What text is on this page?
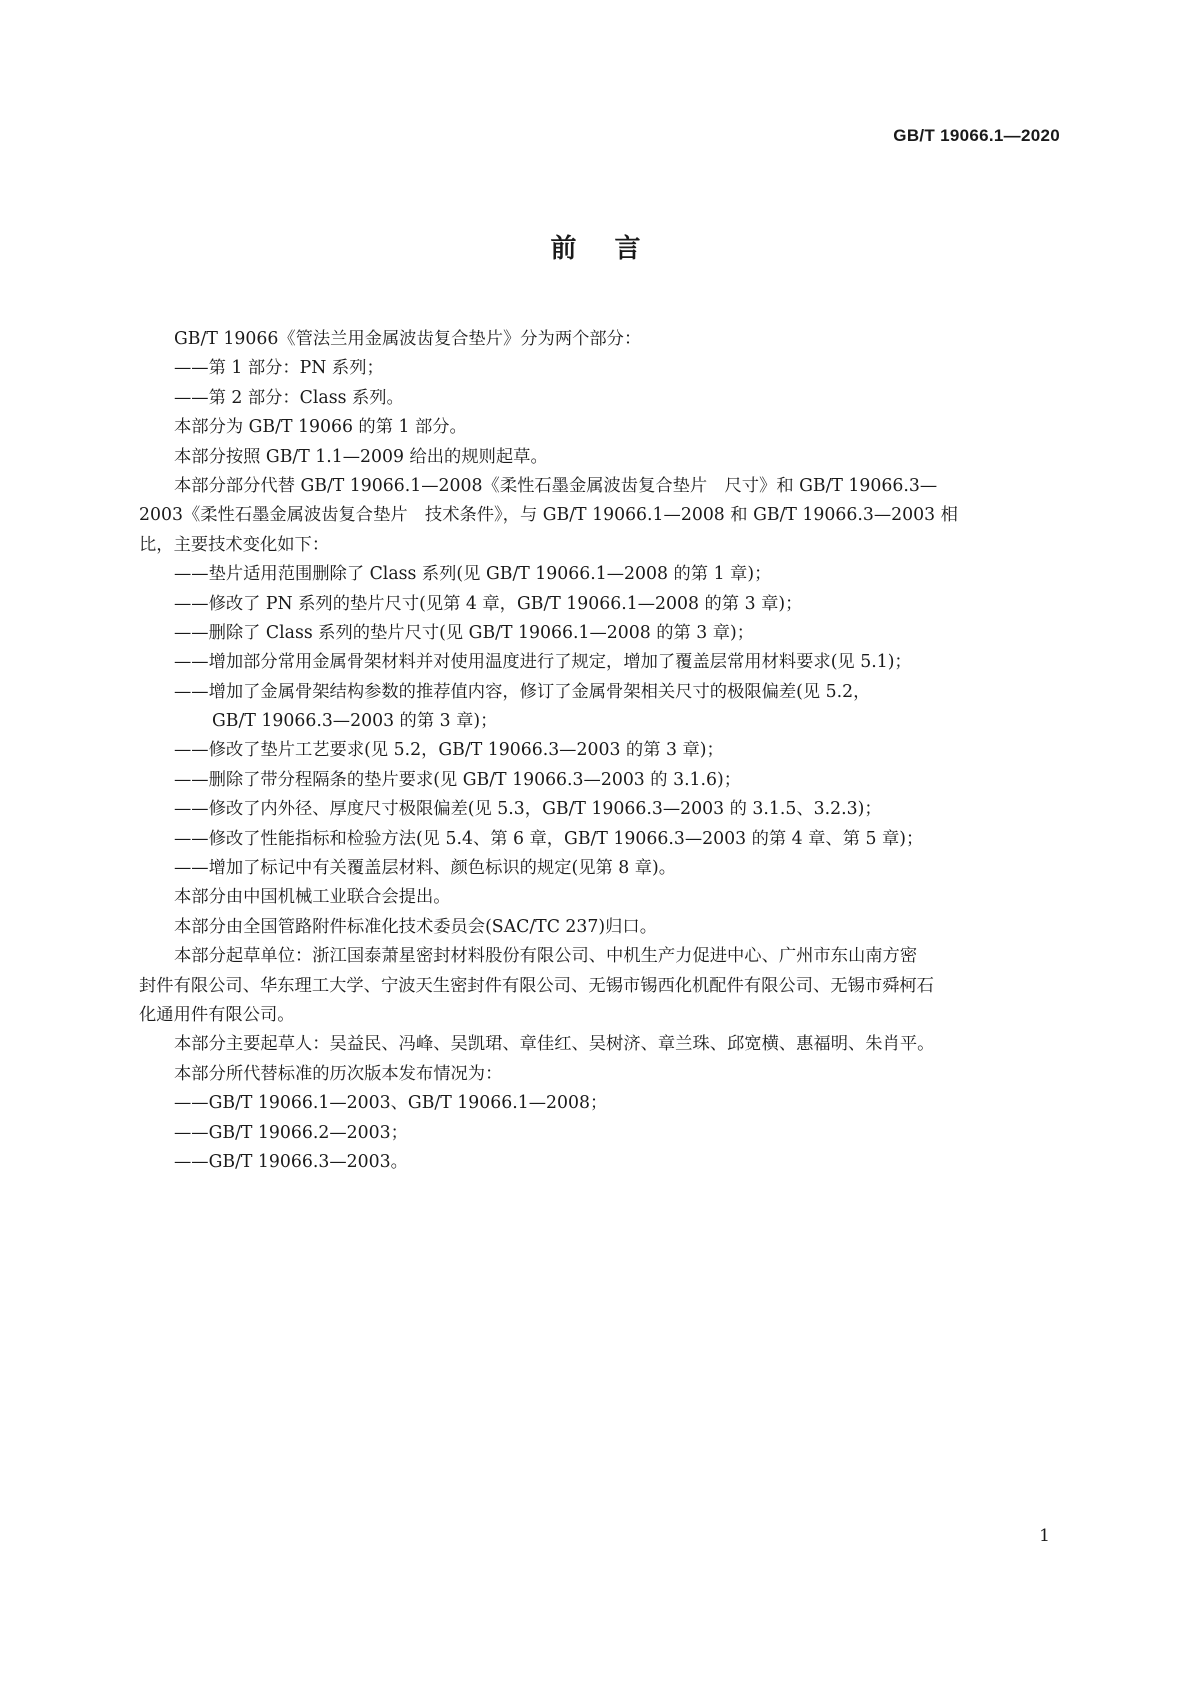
GB/T 19066.1—2020
前言
GB/T 19066《管法兰用金属波齿复合垫片》分为两个部分：
——第 1 部分：PN 系列；
——第 2 部分：Class 系列。
本部分为 GB/T 19066 的第 1 部分。
本部分按照 GB/T 1.1—2009 给出的规则起草。
本部分部分代替 GB/T 19066.1—2008《柔性石墨金属波齿复合垫片　尺寸》和 GB/T 19066.3—
2003《柔性石墨金属波齿复合垫片　技术条件》，与 GB/T 19066.1—2008 和 GB/T 19066.3—2003 相
比，主要技术变化如下：
——垫片适用范围删除了 Class 系列(见 GB/T 19066.1—2008 的第 1 章)；
——修改了 PN 系列的垫片尺寸(见第 4 章，GB/T 19066.1—2008 的第 3 章)；
——删除了 Class 系列的垫片尺寸(见 GB/T 19066.1—2008 的第 3 章)；
——增加部分常用金属骨架材料并对使用温度进行了规定，增加了覆盖层常用材料要求(见 5.1)；
——增加了金属骨架结构参数的推荐值内容，修订了金属骨架相关尺寸的极限偏差(见 5.2，
GB/T 19066.3—2003 的第 3 章)；
——修改了垫片工艺要求(见 5.2，GB/T 19066.3—2003 的第 3 章)；
——删除了带分程隔条的垫片要求(见 GB/T 19066.3—2003 的 3.1.6)；
——修改了内外径、厚度尺寸极限偏差(见 5.3，GB/T 19066.3—2003 的 3.1.5、3.2.3)；
——修改了性能指标和检验方法(见 5.4、第 6 章，GB/T 19066.3—2003 的第 4 章、第 5 章)；
——增加了标记中有关覆盖层材料、颜色标识的规定(见第 8 章)。
本部分由中国机械工业联合会提出。
本部分由全国管路附件标准化技术委员会(SAC/TC 237)归口。
本部分起草单位：浙江国泰萧星密封材料股份有限公司、中机生产力促进中心、广州市东山南方密
封件有限公司、华东理工大学、宁波天生密封件有限公司、无锡市锡西化机配件有限公司、无锡市舜柯石
化通用件有限公司。
本部分主要起草人：吴益民、冯峰、吴凯珺、章佳红、吴树济、章兰珠、邱宽横、惠福明、朱肖平。
本部分所代替标准的历次版本发布情况为：
——GB/T 19066.1—2003、GB/T 19066.1—2008；
——GB/T 19066.2—2003；
——GB/T 19066.3—2003。
1
